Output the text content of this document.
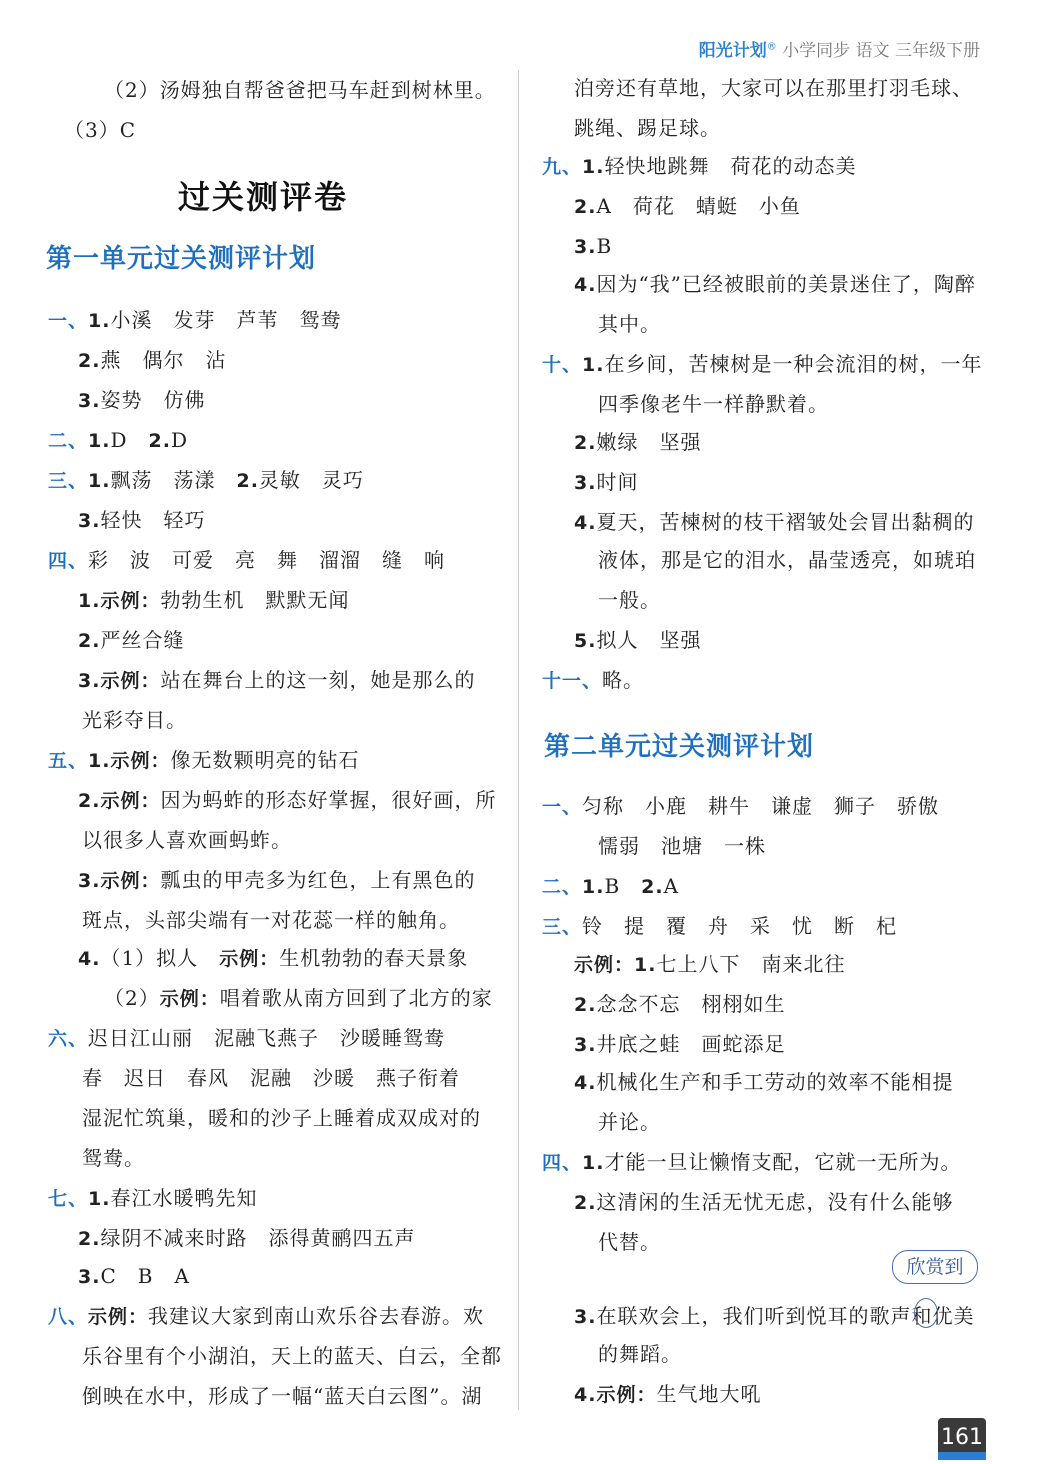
阳光计划® 小学同步 语文 三年级下册
（2）汤姆独自帮爸爸把马车赶到树林里。
（3）C
过关测评卷
第一单元过关测评计划
一、1.小溪　发芽　芦苇　鸳鸯
2.燕　偶尔　沾
3.姿势　仿佛
二、1.D　2.D
三、1.飘荡　荡漾　2.灵敏　灵巧
3.轻快　轻巧
四、彩　波　可爱　亮　舞　溜溜　缝　响
1.示例：勃勃生机　默默无闻
2.严丝合缝
3.示例：站在舞台上的这一刻，她是那么的
光彩夺目。
五、1.示例：像无数颗明亮的钻石
2.示例：因为蚂蚱的形态好掌握，很好画，所
以很多人喜欢画蚂蚱。
3.示例：瓢虫的甲壳多为红色，上有黑色的
斑点，头部尖端有一对花蕊一样的触角。
4.（1）拟人　示例：生机勃勃的春天景象
（2）示例：唱着歌从南方回到了北方的家
六、迟日江山丽　泥融飞燕子　沙暖睡鸳鸯
春　迟日　春风　泥融　沙暖　燕子衔着
湿泥忙筑巢，暖和的沙子上睡着成双成对的
鸳鸯。
七、1.春江水暖鸭先知
2.绿阴不减来时路　添得黄鹂四五声
3.C　B　A
八、示例：我建议大家到南山欢乐谷去春游。欢
乐谷里有个小湖泊，天上的蓝天、白云，全都
倒映在水中，形成了一幅“蓝天白云图”。湖
泊旁还有草地，大家可以在那里打羽毛球、
跳绳、踢足球。
九、1.轻快地跳舞　荷花的动态美
2.A　荷花　蜻蜓　小鱼
3.B
4.因为“我”已经被眼前的美景迷住了，陶醉
其中。
十、1.在乡间，苦楝树是一种会流泪的树，一年
四季像老牛一样静默着。
2.嫩绿　坚强
3.时间
4.夏天，苦楝树的枝干褶皱处会冒出黏稠的
液体，那是它的泪水，晶莹透亮，如琥珀
一般。
5.拟人　坚强
十一、略。
第二单元过关测评计划
一、匀称　小鹿　耕牛　谦虚　狮子　骄傲
懦弱　池塘　一株
二、1.B　2.A
三、铃　提　覆　舟　采　忧　断　杞
示例：1.七上八下　南来北往
2.念念不忘　栩栩如生
3.井底之蛙　画蛇添足
4.机械化生产和手工劳动的效率不能相提
并论。
四、1.才能一旦让懒惰支配，它就一无所为。
2.这清闲的生活无忧无虑，没有什么能够
代替。
3.在联欢会上，我们听到悦耳的歌声和优美
的舞蹈。
4.示例：生气地大吼
欣赏到
161
